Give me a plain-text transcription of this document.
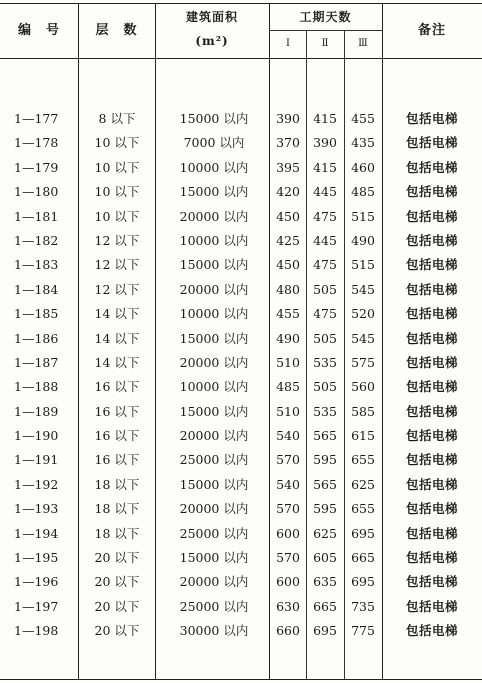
编　号	层　数
建筑面积
(m²)
工期天数
Ⅰ	Ⅱ	Ⅲ
备注
1—177	8 以下	15000 以内	390	415	455	包括电梯
1—178	10 以下	7000 以内	370	390	435	包括电梯
1—179	10 以下	10000 以内	395	415	460	包括电梯
1—180	10 以下	15000 以内	420	445	485	包括电梯
1—181	10 以下	20000 以内	450	475	515	包括电梯
1—182	12 以下	10000 以内	425	445	490	包括电梯
1—183	12 以下	15000 以内	450	475	515	包括电梯
1—184	12 以下	20000 以内	480	505	545	包括电梯
1—185	14 以下	10000 以内	455	475	520	包括电梯
1—186	14 以下	15000 以内	490	505	545	包括电梯
1—187	14 以下	20000 以内	510	535	575	包括电梯
1—188	16 以下	10000 以内	485	505	560	包括电梯
1—189	16 以下	15000 以内	510	535	585	包括电梯
1—190	16 以下	20000 以内	540	565	615	包括电梯
1—191	16 以下	25000 以内	570	595	655	包括电梯
1—192	18 以下	15000 以内	540	565	625	包括电梯
1—193	18 以下	20000 以内	570	595	655	包括电梯
1—194	18 以下	25000 以内	600	625	695	包括电梯
1—195	20 以下	15000 以内	570	605	665	包括电梯
1—196	20 以下	20000 以内	600	635	695	包括电梯
1—197	20 以下	25000 以内	630	665	735	包括电梯
1—198	20 以下	30000 以内	660	695	775	包括电梯
